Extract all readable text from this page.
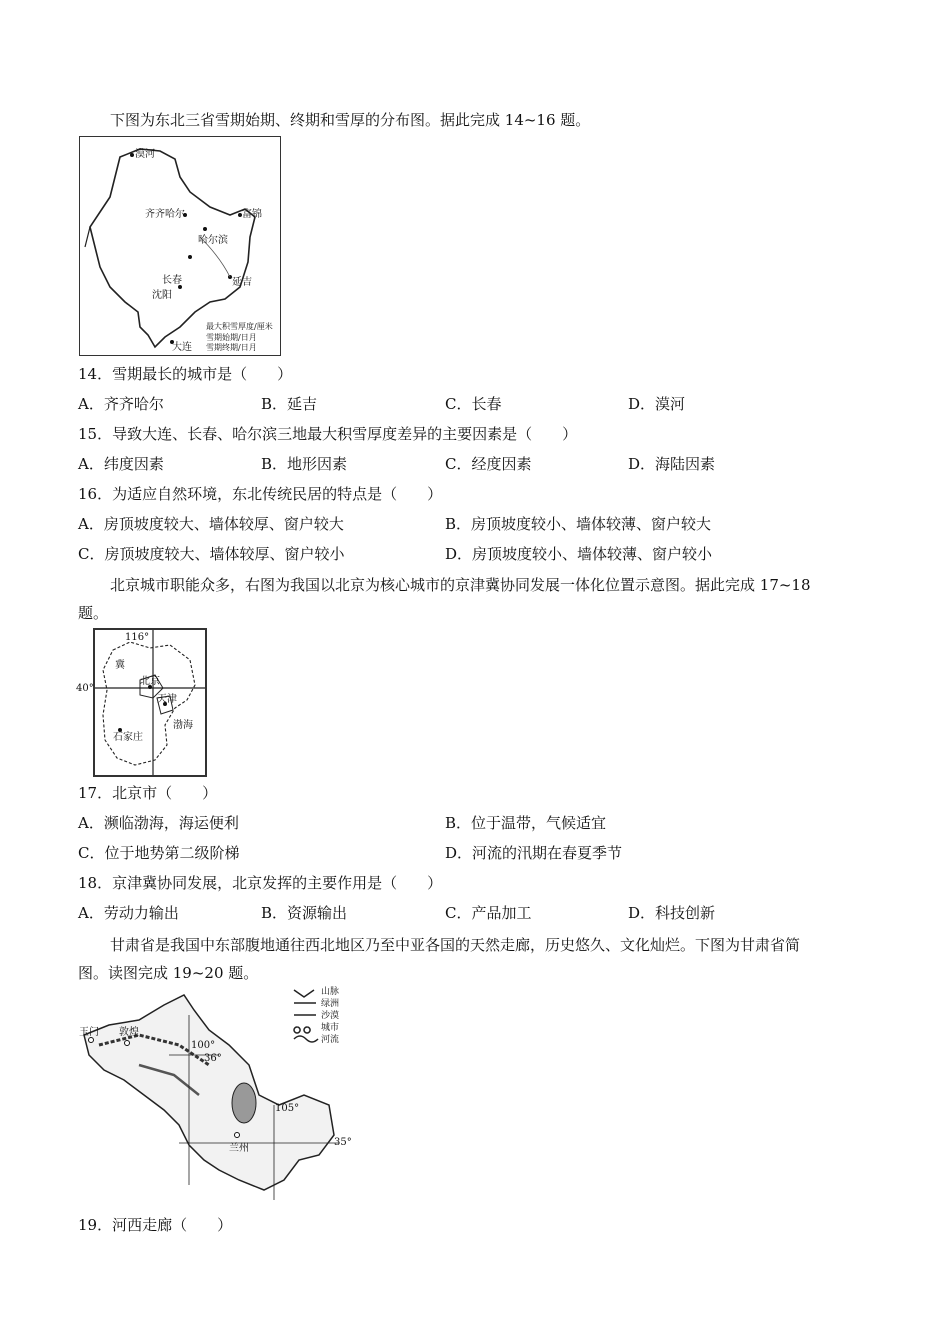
下图为东北三省雪期始期、终期和雪厚的分布图。据此完成 14~16 题。
漠河
齐齐哈尔
哈尔滨
长春
沈阳
大连
富锦
延吉
最大积雪厚度/厘米
雪期始期/日月
雪期终期/日月
14．雪期最长的城市是（　　）
A．齐齐哈尔	B．延吉	C．长春	D．漠河
15．导致大连、长春、哈尔滨三地最大积雪厚度差异的主要因素是（　　）
A．纬度因素	B．地形因素	C．经度因素	D．海陆因素
16．为适应自然环境，东北传统民居的特点是（　　）
A．房顶坡度较大、墙体较厚、窗户较大	B．房顶坡度较小、墙体较薄、窗户较大
C．房顶坡度较大、墙体较厚、窗户较小	D．房顶坡度较小、墙体较薄、窗户较小
北京城市职能众多，右图为我国以北京为核心城市的京津冀协同发展一体化位置示意图。据此完成 17~18
题。
116°
冀
北京
天津
渤海
石家庄
40°
17．北京市（　　）
A．濒临渤海，海运便利	B．位于温带，气候适宜
C．位于地势第二级阶梯	D．河流的汛期在春夏季节
18．京津冀协同发展，北京发挥的主要作用是（　　）
A．劳动力输出	B．资源输出	C．产品加工	D．科技创新
甘肃省是我国中东部腹地通往西北地区乃至中亚各国的天然走廊，历史悠久、文化灿烂。下图为甘肃省简
图。读图完成 19~20 题。
100°
36°
敦煌
兰州
105°
35°
玉门
山脉
绿洲
沙漠
城市
河流
19．河西走廊（　　）
